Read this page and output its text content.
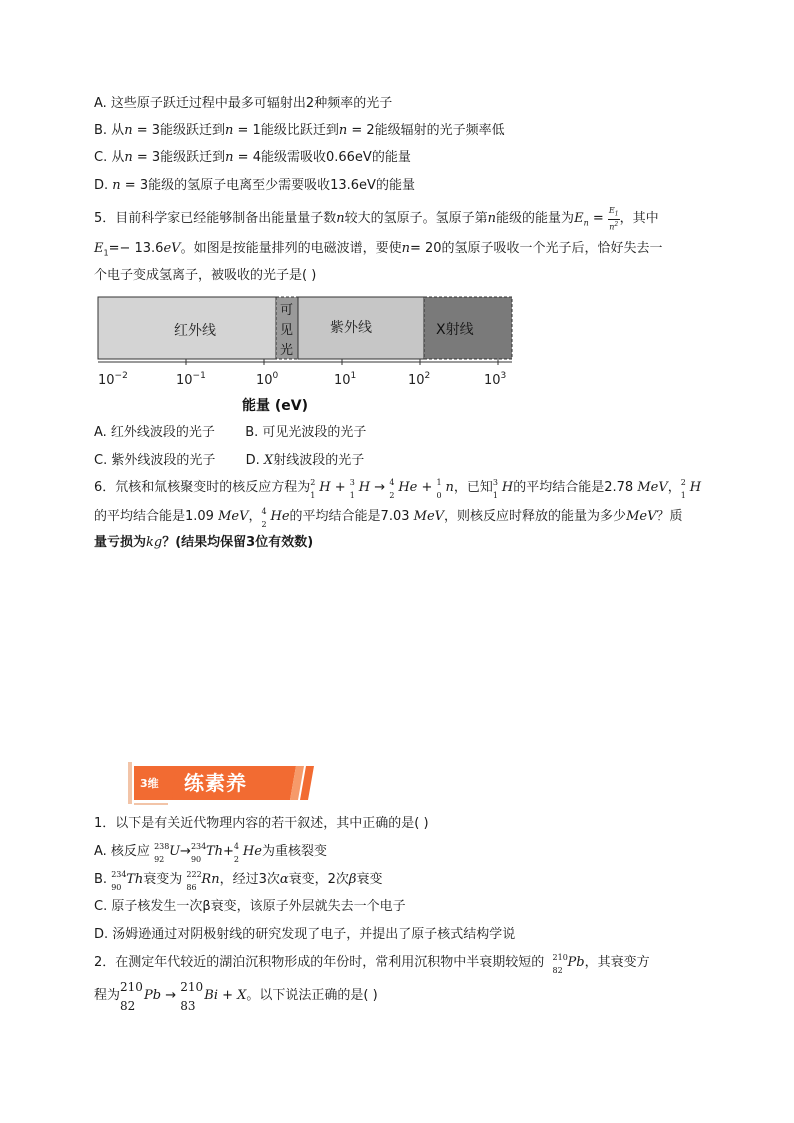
A. 这些原子跃迁过程中最多可辐射出2种频率的光子
B. 从n = 3能级跃迁到n = 1能级比跃迁到n = 2能级辐射的光子频率低
C. 从n = 3能级跃迁到n = 4能级需吸收0.66eV的能量
D. n = 3能级的氢原子电离至少需要吸收13.6eV的能量
5．目前科学家已经能够制备出能量量子数n较大的氢原子。氢原子第n能级的能量为$E_n = \frac{E_1}{n^2}$ ，其中
$E_1=- 13.6eV$。如图是按能量排列的电磁波谱，要使n= 20的氢原子吸收一个光子后，恰好失去一
个电子变成氢离子，被吸收的光子是( )
红外线
可
见
光
紫外线	X射线
$10^{-2}$	$10^{-1}$	$10^0$	$10^1$	$10^2$	$10^3$
能量 (eV)
A. 红外线波段的光子 B. 可见光波段的光子
C. 紫外线波段的光子 D. X射线波段的光子
6．氘核和氚核聚变时的核反应方程为 2
1
H + 3
1
H → 4
2
He + 1
0
n，已知 3
1
H的平均结合能是2.78 MeV， 2
1
H
的平均结合能是1.09 MeV， 4
2
He的平均结合能是7.03 MeV，则核反应时释放的能量为多少MeV？质
量亏损为kg？(结果均保留3位有效数)
3维 练素养
1．以下是有关近代物理内容的若干叙述，其中正确的是( )
A. 核反应 238
92
U→ 234
90
Th+ 4
2
He为重核裂变
B. 234
90
Th衰变为 222
86
Rn，经过3次α衰变，2次β衰变
C. 原子核发生一次β衰变，该原子外层就失去一个电子
D. 汤姆逊通过对阴极射线的研究发现了电子，并提出了原子核式结构学说
2．在测定年代较近的湖泊沉积物形成的年份时，常利用沉积物中半衰期较短的 210
82
Pb，其衰变方
程为
210
82
Pb →
210
83
Bi + X。以下说法正确的是( )
